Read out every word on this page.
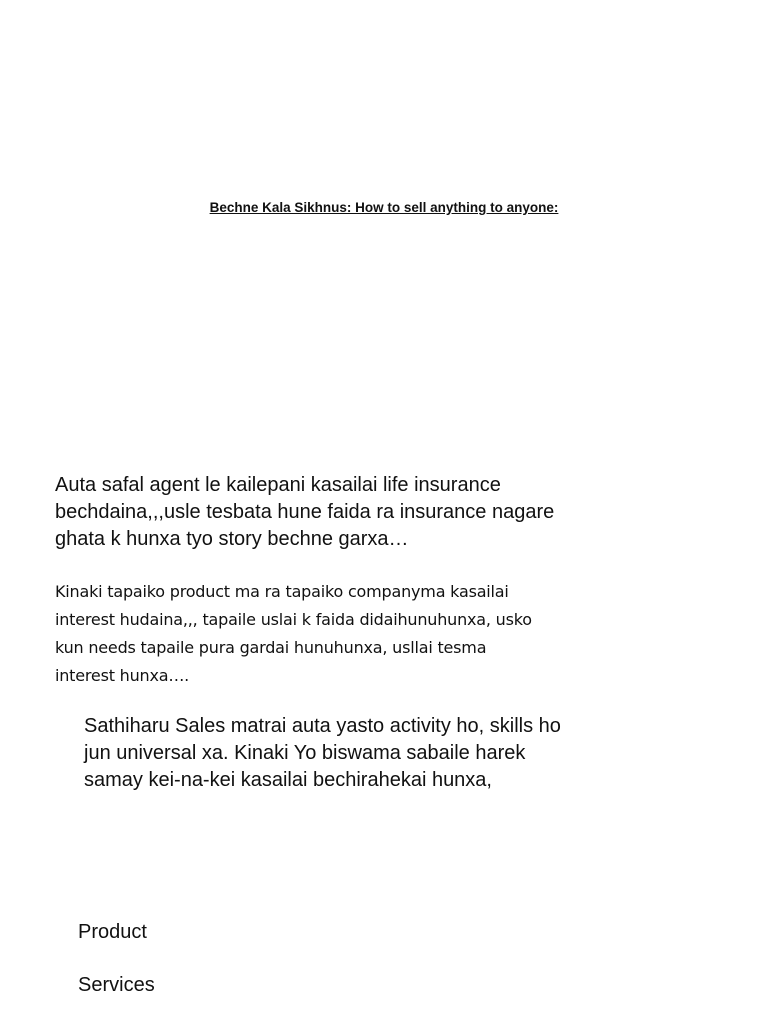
Bechne Kala Sikhnus: How to sell anything to anyone:

Auta safal agent le kailepani kasailai life insurance
bechdaina,,,usle tesbata hune faida ra insurance nagare
ghata k hunxa tyo story bechne garxa…

Kinaki tapaiko product ma ra tapaiko companyma kasailai
interest hudaina,,, tapaile uslai k faida didaihunuhunxa, usko
kun needs tapaile pura gardai hunuhunxa, usllai tesma
interest hunxa….

Sathiharu Sales matrai auta yasto activity ho, skills ho
jun universal xa. Kinaki Yo biswama sabaile harek
samay kei-na-kei kasailai bechirahekai hunxa,

Product
Services
